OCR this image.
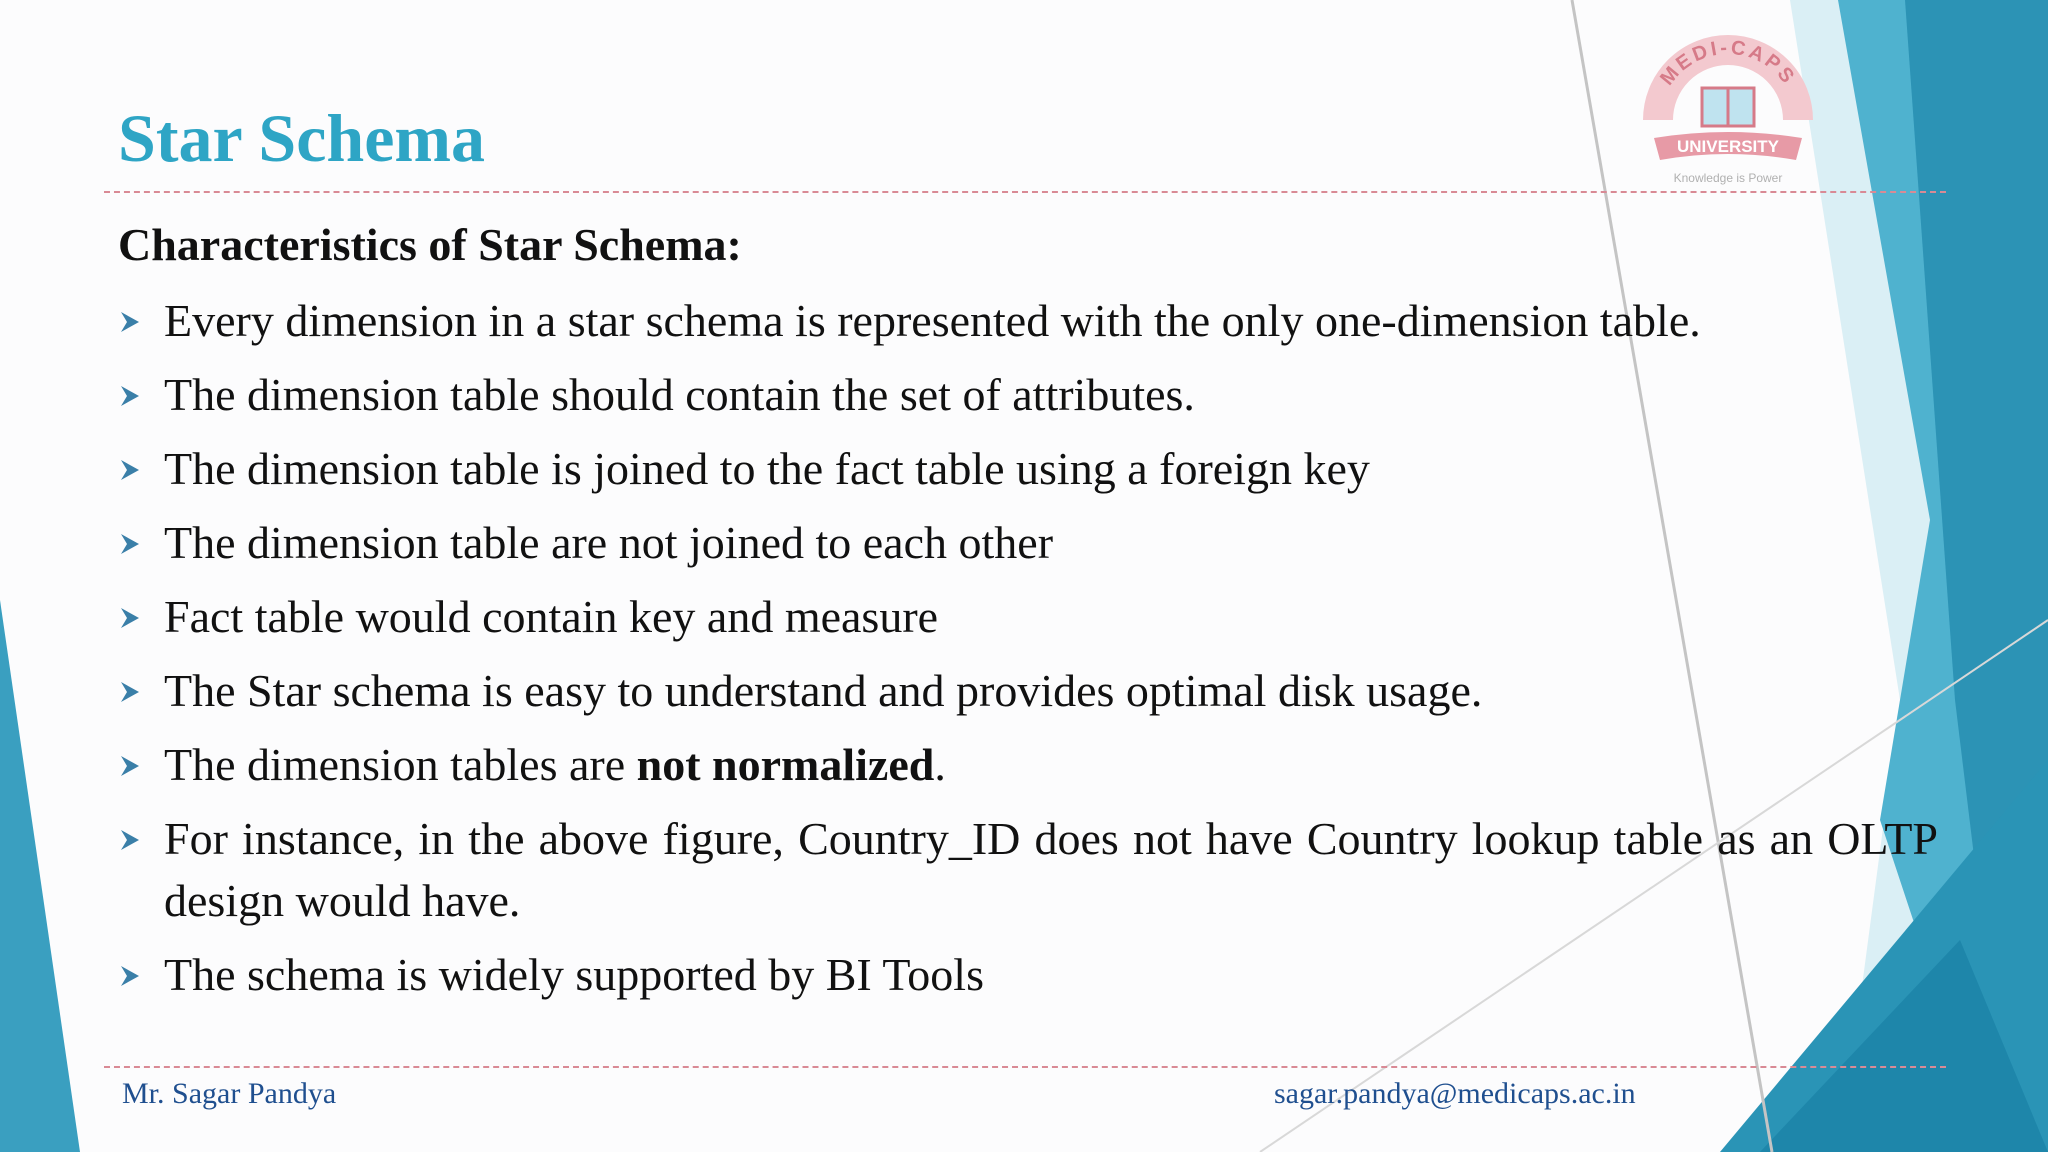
Star Schema
MEDI-CAPS
UNIVERSITY
Knowledge is Power
Characteristics of Star Schema:
Every dimension in a star schema is represented with the only one-dimension table.
The dimension table should contain the set of attributes.
The dimension table is joined to the fact table using a foreign key
The dimension table are not joined to each other
Fact table would contain key and measure
The Star schema is easy to understand and provides optimal disk usage.
The dimension tables are not normalized.
For instance, in the above figure, Country_ID does not have Country lookup table as an OLTP design would have.
The schema is widely supported by BI Tools
Mr. Sagar Pandya	sagar.pandya@medicaps.ac.in
